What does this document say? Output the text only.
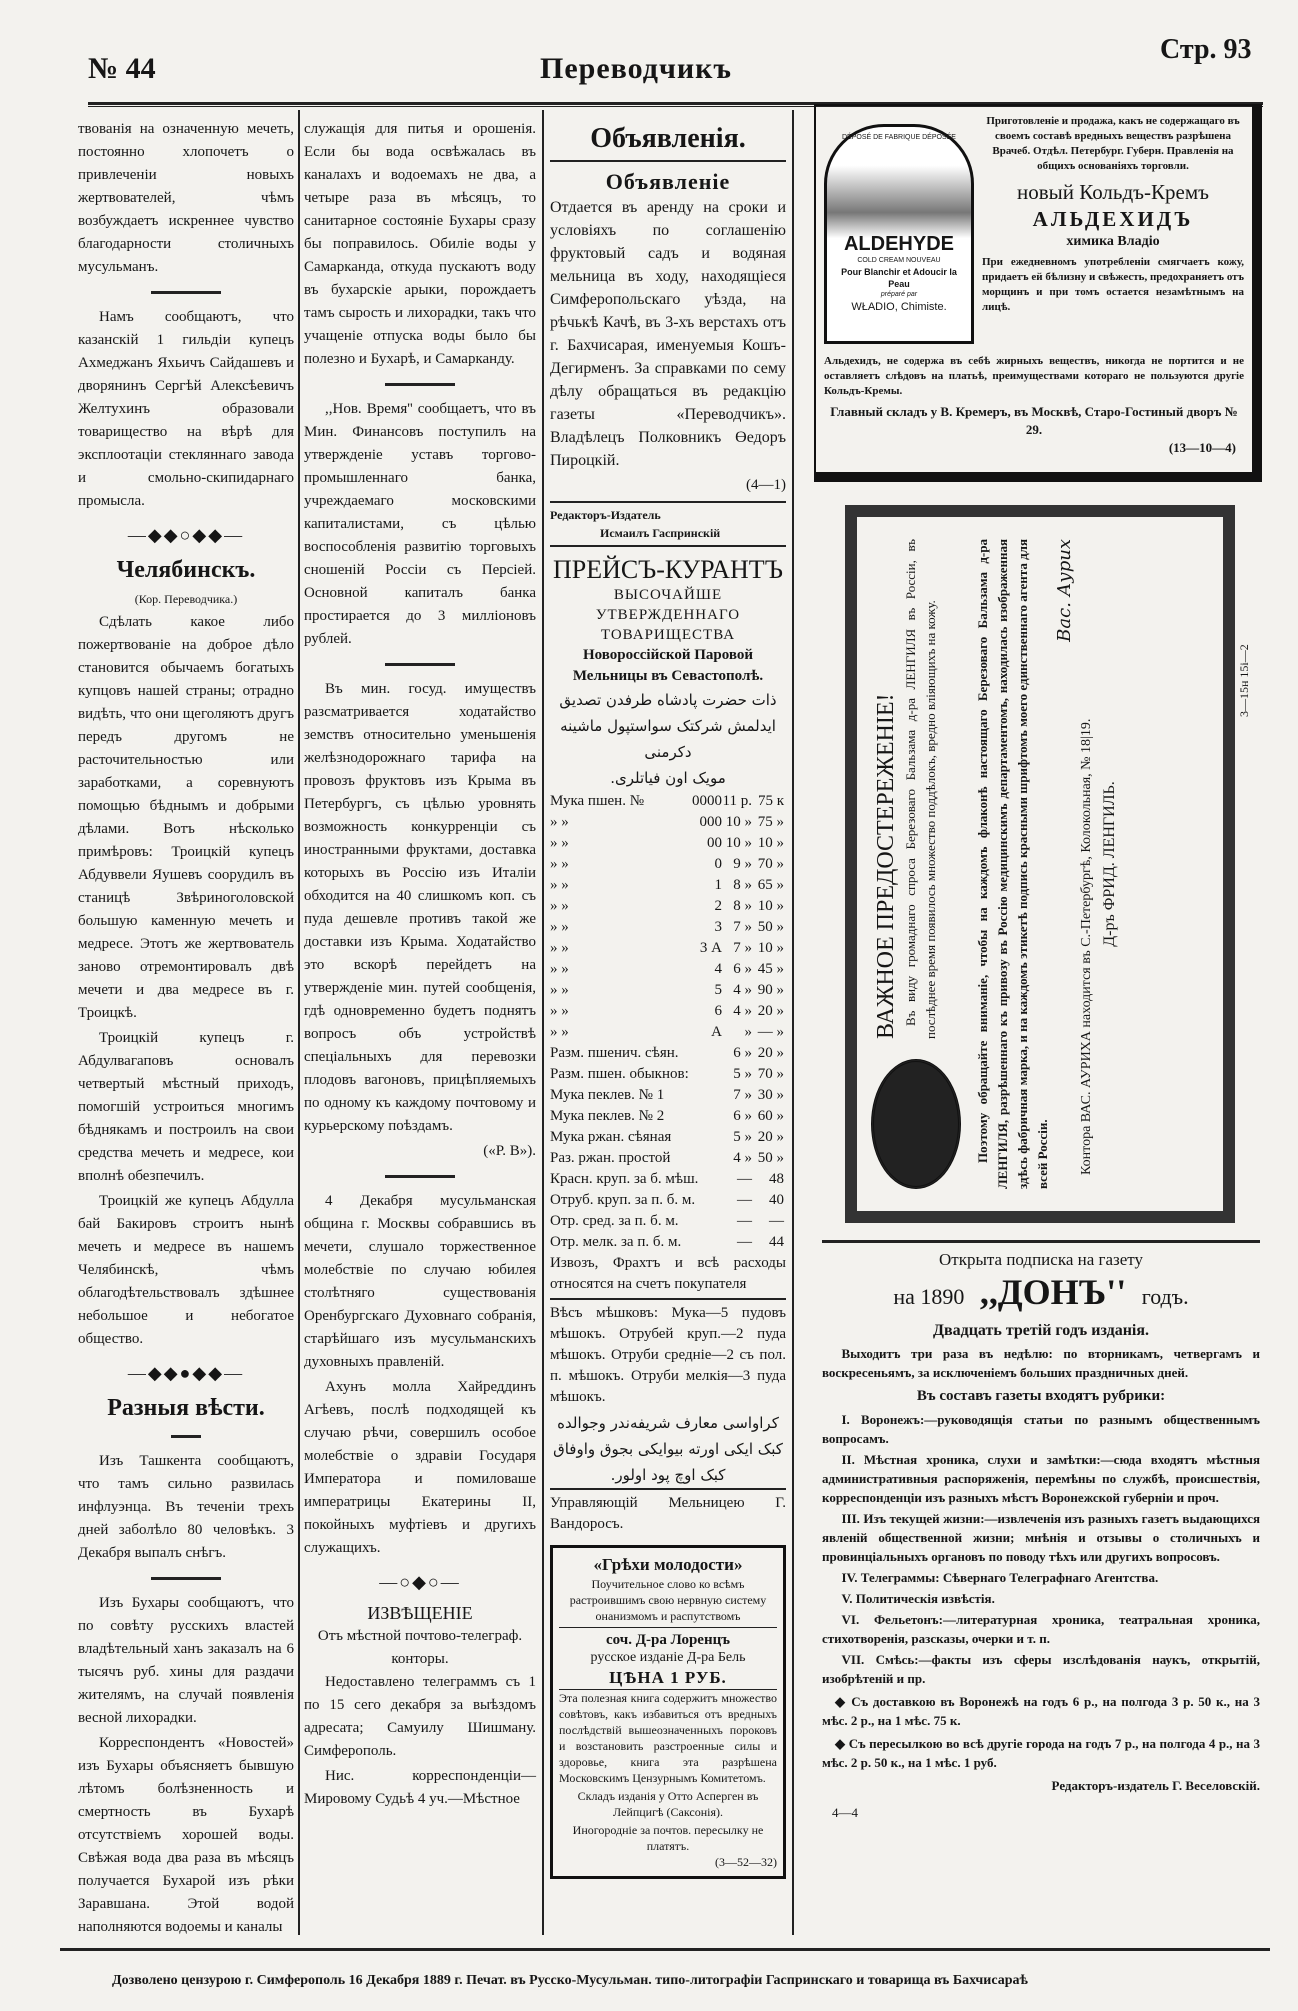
№ 44	Переводчикъ
Стр. 93

твованія на означенную мечеть, постоянно хлопочетъ о привлеченіи новыхъ жертвователей, чѣмъ возбуждаетъ искреннее чувство благодарности столичныхъ мусульманъ.

Намъ сообщаютъ, что казанскій 1 гильдіи купецъ Ахмеджанъ Яхьичъ Сайдашевъ и дворянинъ Сергѣй Алексѣевичъ Желтухинъ образовали товарищество на вѣрѣ для эксплоотаціи стекляннаго завода и смольно-скипидарнаго промысла.

—◆◆○◆◆—
Челябинскъ.
(Кор. Переводчика.)

Сдѣлать какое либо пожертвованіе на доброе дѣло становится обычаемъ богатыхъ купцовъ нашей страны; отрадно видѣть, что они щеголяютъ другъ передъ другомъ не расточительностью или заработками, а соревнуютъ помощью бѣднымъ и добрыми дѣлами. Вотъ нѣсколько примѣровъ: Троицкій купецъ Абдуввели Яушевъ соорудилъ въ станицѣ Звѣриноголовской большую каменную мечеть и медресе. Этотъ же жертвователь заново отремонтировалъ двѣ мечети и два медресе въ г. Троицкѣ.

Троицкій купецъ г. Абдулвагаповъ основалъ четвертый мѣстный приходъ, помогшій устроиться многимъ бѣднякамъ и построилъ на свои средства мечеть и медресе, кои вполнѣ обезпечилъ.

Троицкій же купецъ Абдулла бай Бакировъ строитъ нынѣ мечеть и медресе въ нашемъ Челябинскѣ, чѣмъ облагодѣтельствовалъ здѣшнее небольшое и небогатое общество.

—◆◆●◆◆—
Разныя вѣсти.

Изъ Ташкента сообщаютъ, что тамъ сильно развилась инфлуэнца. Въ теченіи трехъ дней заболѣло 80 человѣкъ. 3 Декабря выпалъ снѣгъ.

Изъ Бухары сообщаютъ, что по совѣту русскихъ властей владѣтельный ханъ заказалъ на 6 тысячъ руб. хины для раздачи жителямъ, на случай появленія весной лихорадки.

Корреспондентъ «Новостей» изъ Бухары объясняетъ бывшую лѣтомъ болѣзненность и смертность въ Бухарѣ отсутствіемъ хорошей воды. Свѣжая вода два раза въ мѣсяцъ получается Бухарой изъ рѣки Заравшана. Этой водой наполняются водоемы и каналы

служащія для питья и орошенія. Если бы вода освѣжалась въ каналахъ и водоемахъ не два, а четыре раза въ мѣсяцъ, то санитарное состояніе Бухары сразу бы поправилось. Обиліе воды у Самарканда, откуда пускаютъ воду въ бухарскіе арыки, порождаетъ тамъ сырость и лихорадки, такъ что учащеніе отпуска воды было бы полезно и Бухарѣ, и Самарканду.

,,Нов. Время'' сообщаетъ, что въ Мин. Финансовъ поступилъ на утвержденіе уставъ торгово-промышленнаго банка, учреждаемаго московскими капиталистами, съ цѣлью воспособленія развитію торговыхъ сношеній Россіи съ Персіей. Основной капиталъ банка простирается до 3 милліоновъ рублей.

Въ мин. госуд. имуществъ разсматривается ходатайство земствъ относительно уменьшенія желѣзнодорожнаго тарифа на провозъ фруктовъ изъ Крыма въ Петербургъ, съ цѣлью уровнять возможность конкурренціи съ иностранными фруктами, доставка которыхъ въ Россію изъ Италіи обходится на 40 слишкомъ коп. съ пуда дешевле противъ такой же доставки изъ Крыма. Ходатайство это вскорѣ перейдетъ на утвержденіе мин. путей сообщенія, гдѣ одновременно будетъ поднятъ вопросъ объ устройствѣ спеціальныхъ для перевозки плодовъ вагоновъ, прицѣпляемыхъ по одному къ каждому почтовому и курьерскому поѣздамъ.

(«Р. В»).

4 Декабря мусульманская община г. Москвы собравшись въ мечети, слушало торжественное молебствіе по случаю юбилея столѣтняго существованія Оренбургскаго Духовнаго собранія, старѣйшаго изъ мусульманскихъ духовныхъ правленій.

Ахунъ молла Хайреддинъ Агѣевъ, послѣ подходящей къ случаю рѣчи, совершилъ особое молебствіе о здравіи Государя Императора и помиловаше императрицы Екатерины II, покойныхъ муфтіевъ и другихъ служащихъ.

—○◆○—
ИЗВѢЩЕНІЕ
Отъ мѣстной почтово-телеграф. конторы.

Недоставлено телеграммъ съ 1 по 15 сего декабря за выѣздомъ адресата; Самуилу Шишману. Симферополь.

Нис. корреспонденціи—Мировому Судьѣ 4 уч.—Мѣстное

Объявленія.
Объявленіе

Отдается въ аренду на сроки и условіяхъ по соглашенію фруктовый садъ и водяная мельница въ ходу, находящіеся Симферопольскаго уѣзда, на рѣчькѣ Качѣ, въ 3-хъ верстахъ отъ г. Бахчисарая, именуемыя Кошъ-Дегирменъ. За справками по сему дѣлу обращаться въ редакцію газеты «Переводчикъ». Владѣлецъ Полковникъ Өедоръ Пироцкій.

(4—1)
Редакторъ-Издатель
Исмаилъ Гаспринскій
ПРЕЙСЪ-КУРАНТЪ
ВЫСОЧАЙШЕ УТВЕРЖДЕННАГО ТОВАРИЩЕСТВА
Новороссійской Паровой Мельницы въ Севастополѣ.
ذات حضرت پادشاه طرفدن تصدیق
ایدلمش شرکتک سواستپول ماشینه دکرمنی
مویک اون فیاتلری.
Мука пшен. №	0000 11 р. 75 к
» »	000 10 » 75 »
» »	00 10 » 10 »
» »	0 9 » 70 »
» »	1 8 » 65 »
» »	2 8 » 10 »
» »	3 7 » 50 »
» »	3 А 7 » 10 »
» »	4 6 » 45 »
» »	5 4 » 90 »
» »	6 4 » 20 »
» »	А	» — »
Разм. пшенич. сѣян.	6 » 20 »
Разм. пшен. обыкнов:	5 » 70 »
Мука пеклев. № 1	7 » 30 »
Мука пеклев. № 2	6 » 60 »
Мука ржан. сѣяная	5 » 20 »
Раз. ржан. простой	4 » 50 »
Красн. круп. за б. мѣш.	—	48
Отруб. круп. за п. б. м.	—	40
Отр. сред. за п. б. м.	—	—
Отр. мелк. за п. б. м.	—	44

Извозъ, Фрахтъ и всѣ расходы относятся на счетъ покупателя

Вѣсъ мѣшковъ: Мука—5 пудовъ мѣшокъ. Отрубей круп.—2 пуда мѣшокъ. Отруби средніе—2 съ пол. п. мѣшокъ. Отруби мелкія—3 пуда мѣшокъ.

کراواسی معارف شریفه‌ندر وجوالده
کبک ایکی اورته بیوایکی بجوق واوفاق
کبک اوچ پود اولور.

Управляющій Мельницею Г. Вандоросъ.

«Грѣхи молодости»
Поучительное слово ко всѣмъ растроившимъ свою нервную систему онанизмомъ и распутствомъ
соч. Д-ра Лоренцъ
русское изданіе Д-ра Бель
ЦѢНА 1 РУБ.
Эта полезная книга содержитъ множество совѣтовъ, какъ избавиться отъ вредныхъ послѣдствій вышеозначенныхъ пороковъ и возстановить разстроенные силы и здоровье, книга эта разрѣшена Московскимъ Цензурнымъ Комитетомъ.
Складъ изданія у Отто Асперген въ Лейпцигѣ (Саксонія).
Иногородніе за почтов. пересылку не платятъ.
(3—52—32)
DÉPOSÉ DE FABRIQUE DÉPOSÉE
ALDEHYDE
COLD CREAM NOUVEAU
Pour Blanchir et Adoucir la Peau
préparé par
WŁADIO, Chimiste.
Приготовленіе и продажа, какъ не содержащаго въ своемъ составѣ вредныхъ веществъ разрѣшена Врачеб. Отдѣл. Петербург. Губерн. Правленія на общихъ основаніяхъ торговли.
новый Кольдъ-Кремъ
АЛЬДЕХИДЪ
химика Владіо
При ежедневномъ употребленіи смягчаетъ кожу, придаетъ ей бѣлизну и свѣжесть, предохраняетъ отъ морщинъ и при томъ остается незамѣтнымъ на лицѣ.
Альдехидъ, не содержа въ себѣ жирныхъ веществъ, никогда не портится и не оставляетъ слѣдовъ на платьѣ, преимуществами котораго не пользуются другіе Кольдъ-Кремы.
Главный складъ у В. Кремеръ, въ Москвѣ, Старо-Гостиный дворъ № 29.
(13—10—4)
ВАЖНОЕ ПРЕДОСТЕРЕЖЕНІЕ! Въ виду громаднаго спроса Березоваго Бальзама д-ра ЛЕНГИЛЯ въ Россіи, въ послѣднее время появилось множество поддѣлокъ, вредно вліяющихъ на кожу.	Поэтому обращайте вниманіе, чтобы на каждомъ флаконѣ настоящаго Березоваго Бальзама д-ра ЛЕНГИЛЯ, разрѣшеннаго къ привозу въ Россію медицинскимъ департаментомъ, находилась изображенная здѣсь фабричная марка, и на каждомъ этикетѣ подпись красными шрифтомъ моего единственнаго агента для всей Россіи.

Вас. Аурих

Контора ВАС. АУРИХА находится въ С.-Петербургѣ, Колокольная, № 18|19. Д-ръ ФРИД. ЛЕНГИЛЬ.
3—15н 15і—2
Открыта подписка на газету
на 1890 ,,ДОНЪ'' годъ.
Двадцать третій годъ изданія.

Выходитъ три раза въ недѣлю: по вторникамъ, четвергамъ и воскресеньямъ, за исключеніемъ больших праздничных дней.

Въ составъ газеты входятъ рубрики:

I. Воронежъ:—руководящія статьи по разнымъ общественнымъ вопросамъ.

II. Мѣстная хроника, слухи и замѣтки:—сюда входятъ мѣстныя административныя распоряженія, перемѣны по службѣ, происшествія, корреспонденціи изъ разныхъ мѣстъ Воронежской губерніи и проч.

III. Изъ текущей жизни:—извлеченія изъ разныхъ газетъ выдающихся явленій общественной жизни; мнѣнія и отзывы о столичныхъ и провинціальныхъ органовъ по поводу тѣхъ или другихъ вопросовъ.

IV. Телеграммы: Сѣвернаго Телеграфнаго Агентства.

V. Политическія извѣстія.

VI. Фельетонъ:—литературная хроника, театральная хроника, стихотворенія, разсказы, очерки и т. п.

VII. Смѣсь:—факты изъ сферы изслѣдованія наукъ, открытій, изобрѣтеній и пр.

◆ Съ доставкою въ Воронежѣ на годъ 6 р., на полгода 3 р. 50 к., на 3 мѣс. 2 р., на 1 мѣс. 75 к.

◆ Съ пересылкою во всѣ другіе города на годъ 7 р., на полгода 4 р., на 3 мѣс. 2 р. 50 к., на 1 мѣс. 1 руб.

Редакторъ-издатель Г. Веселовскій.
4—4
Дозволено цензурою г. Симферополь 16 Декабря 1889 г. Печат. въ Русско-Мусульман. типо-литографіи Гаспринскаго и товарища въ Бахчисараѣ
